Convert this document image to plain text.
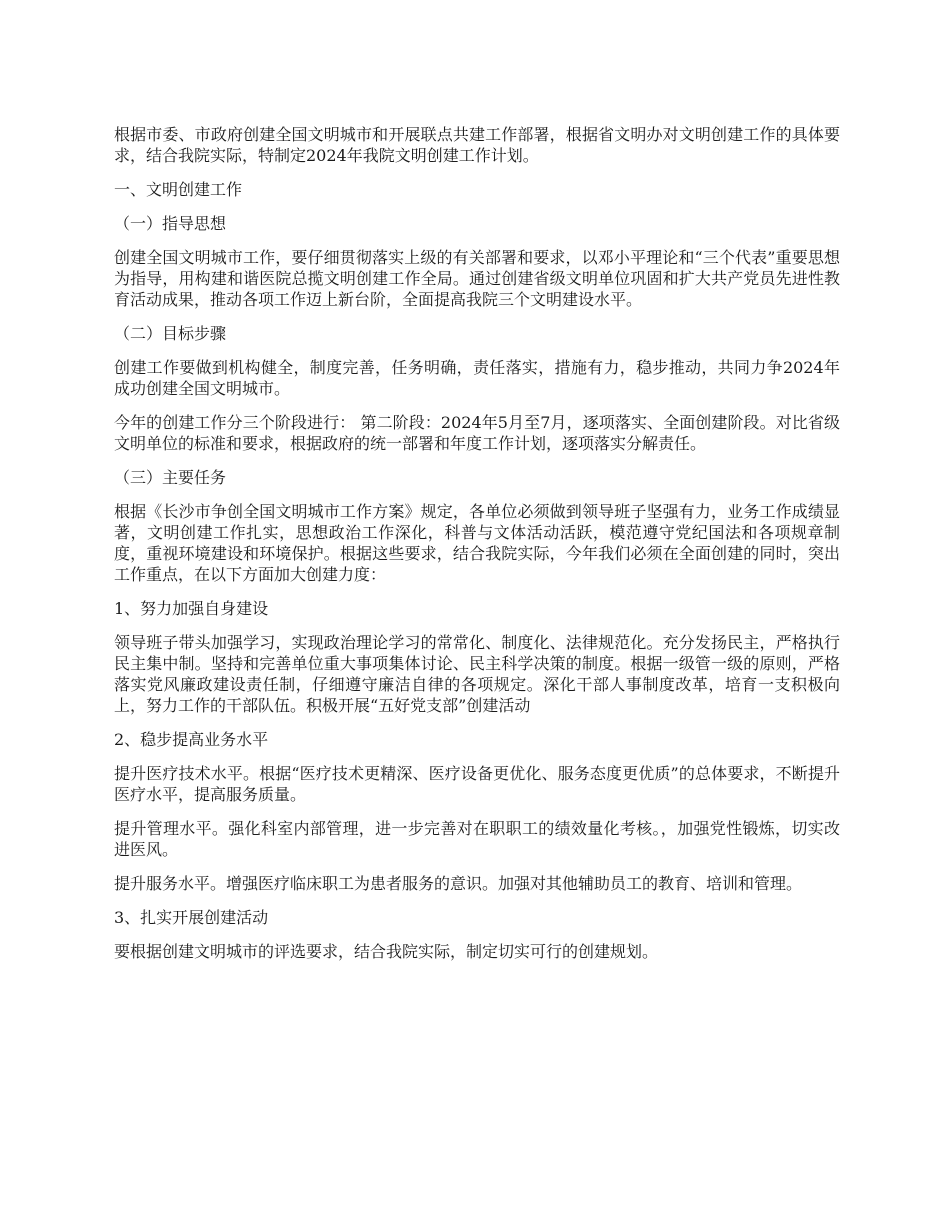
根据市委、市政府创建全国文明城市和开展联点共建工作部署，根据省文明办对文明创建工作的具体要求，结合我院实际，特制定2024年我院文明创建工作计划。

一、文明创建工作

（一）指导思想

创建全国文明城市工作，要仔细贯彻落实上级的有关部署和要求，以邓小平理论和“三个代表”重要思想为指导，用构建和谐医院总揽文明创建工作全局。通过创建省级文明单位巩固和扩大共产党员先进性教育活动成果，推动各项工作迈上新台阶，全面提高我院三个文明建设水平。

（二）目标步骤

创建工作要做到机构健全，制度完善，任务明确，责任落实，措施有力，稳步推动，共同力争2024年成功创建全国文明城市。

今年的创建工作分三个阶段进行： 第二阶段：2024年5月至7月，逐项落实、全面创建阶段。对比省级文明单位的标准和要求，根据政府的统一部署和年度工作计划，逐项落实分解责任。

（三）主要任务

根据《长沙市争创全国文明城市工作方案》规定，各单位必须做到领导班子坚强有力，业务工作成绩显著，文明创建工作扎实，思想政治工作深化，科普与文体活动活跃，模范遵守党纪国法和各项规章制度，重视环境建设和环境保护。根据这些要求，结合我院实际，今年我们必须在全面创建的同时，突出工作重点，在以下方面加大创建力度：

1、努力加强自身建设

领导班子带头加强学习，实现政治理论学习的常常化、制度化、法律规范化。充分发扬民主，严格执行民主集中制。坚持和完善单位重大事项集体讨论、民主科学决策的制度。根据一级管一级的原则，严格落实党风廉政建设责任制，仔细遵守廉洁自律的各项规定。深化干部人事制度改革，培育一支积极向上，努力工作的干部队伍。积极开展“五好党支部”创建活动

2、稳步提高业务水平

提升医疗技术水平。根据“医疗技术更精深、医疗设备更优化、服务态度更优质”的总体要求，不断提升医疗水平，提高服务质量。

提升管理水平。强化科室内部管理，进一步完善对在职职工的绩效量化考核。，加强党性锻炼，切实改进医风。

提升服务水平。增强医疗临床职工为患者服务的意识。加强对其他辅助员工的教育、培训和管理。

3、扎实开展创建活动

要根据创建文明城市的评选要求，结合我院实际，制定切实可行的创建规划。
